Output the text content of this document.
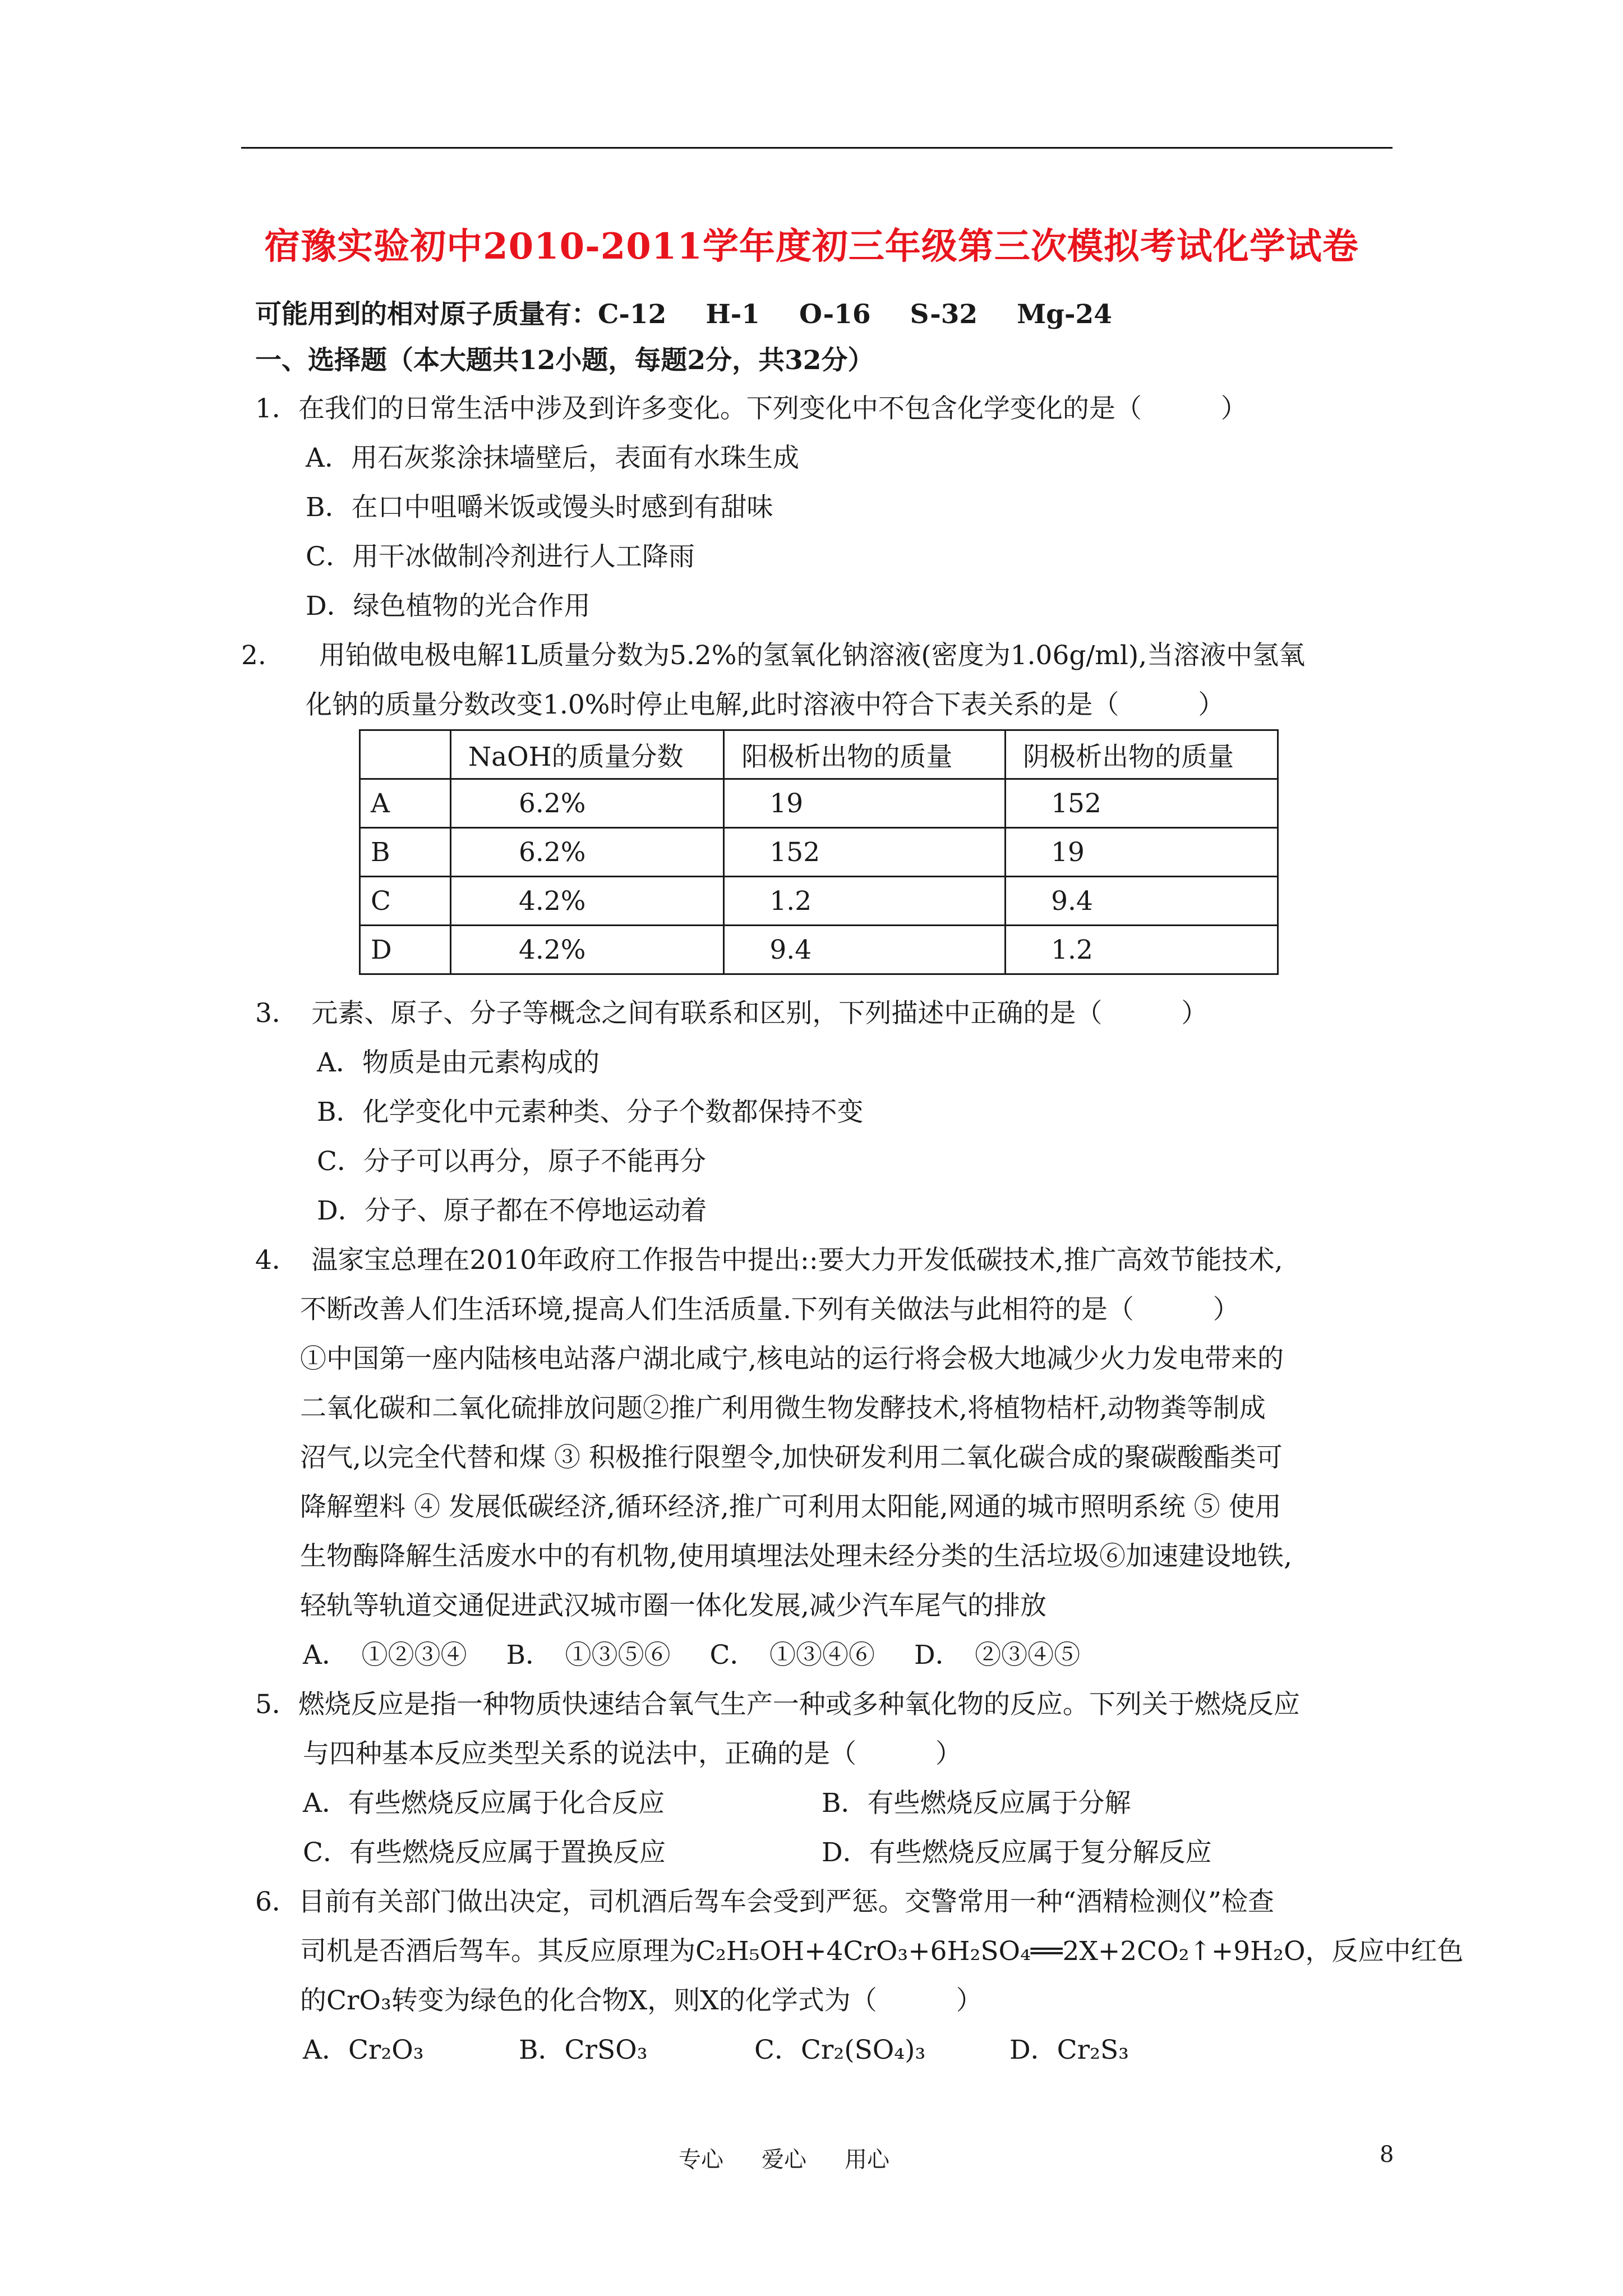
宿豫实验初中2010-2011学年度初三年级第三次模拟考试化学试卷
可能用到的相对原子质量有：C-12 H-1 O-16 S-32 Mg-24
一、选择题（本大题共12小题，每题2分，共32分）
1．在我们的日常生活中涉及到许多变化。下列变化中不包含化学变化的是（　　　）
A．用石灰浆涂抹墙壁后，表面有水珠生成
B．在口中咀嚼米饭或馒头时感到有甜味
C．用干冰做制冷剂进行人工降雨
D．绿色植物的光合作用
2.　　用铂做电极电解1L质量分数为5.2%的氢氧化钠溶液(密度为1.06g/ml),当溶液中氢氧
化钠的质量分数改变1.0%时停止电解,此时溶液中符合下表关系的是（　　　）
	NaOH的质量分数	阳极析出物的质量	阴极析出物的质量
A	6.2%	19	152
B	6.2%	152	19
C	4.2%	1.2	9.4
D	4.2%	9.4	1.2
3．　元素、原子、分子等概念之间有联系和区别，下列描述中正确的是（　　　）
A．物质是由元素构成的
B．化学变化中元素种类、分子个数都保持不变
C．分子可以再分，原子不能再分
D．分子、原子都在不停地运动着
4．　温家宝总理在2010年政府工作报告中提出::要大力开发低碳技术,推广高效节能技术,
不断改善人们生活环境,提高人们生活质量.下列有关做法与此相符的是（　　　）
①中国第一座内陆核电站落户湖北咸宁,核电站的运行将会极大地减少火力发电带来的
二氧化碳和二氧化硫排放问题②推广利用微生物发酵技术,将植物桔杆,动物粪等制成
沼气,以完全代替和煤 ③ 积极推行限塑令,加快研发利用二氧化碳合成的聚碳酸酯类可
降解塑料 ④ 发展低碳经济,循环经济,推广可利用太阳能,网通的城市照明系统 ⑤ 使用
生物酶降解生活废水中的有机物,使用填埋法处理未经分类的生活垃圾⑥加速建设地铁,
轻轨等轨道交通促进武汉城市圈一体化发展,减少汽车尾气的排放
A．　①②③④ B．　①③⑤⑥ C．　①③④⑥ D．　②③④⑤
5．燃烧反应是指一种物质快速结合氧气生产一种或多种氧化物的反应。下列关于燃烧反应
与四种基本反应类型关系的说法中，正确的是（　　　）
A．有些燃烧反应属于化合反应	B．有些燃烧反应属于分解
C．有些燃烧反应属于置换反应	D．有些燃烧反应属于复分解反应
6．目前有关部门做出决定，司机酒后驾车会受到严惩。交警常用一种“酒精检测仪”检查
司机是否酒后驾车。其反应原理为C₂H₅OH+4CrO₃+6H₂SO₄══2X+2CO₂↑+9H₂O，反应中红色
的CrO₃转变为绿色的化合物X，则X的化学式为（　　　）
A．Cr₂O₃	B．CrSO₃	C．Cr₂(SO₄)₃	D．Cr₂S₃
专心 爱心 用心	8
